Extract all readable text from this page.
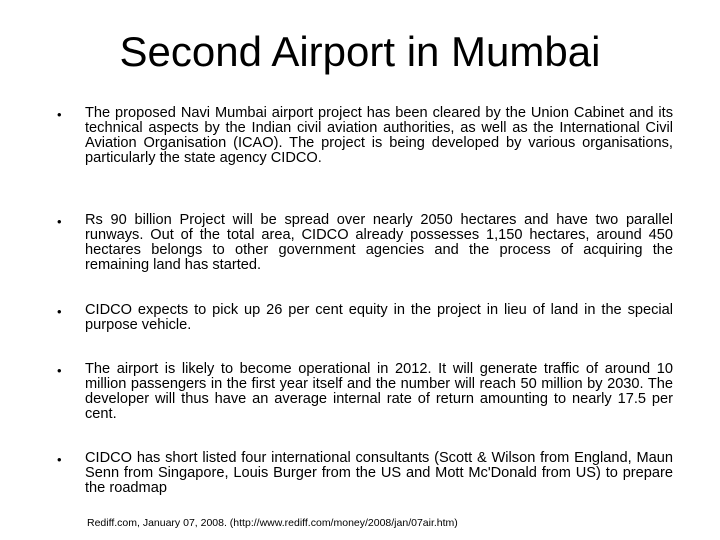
Second Airport in Mumbai
• The proposed Navi Mumbai airport project has been cleared by the Union Cabinet and its technical aspects by the Indian civil aviation authorities, as well as the International Civil Aviation Organisation (ICAO). The project is being developed by various organisations, particularly the state agency CIDCO.

• Rs 90 billion Project will be spread over nearly 2050 hectares and have two parallel runways. Out of the total area, CIDCO already possesses 1,150 hectares, around 450 hectares belongs to other government agencies and the process of acquiring the remaining land has started.

• CIDCO expects to pick up 26 per cent equity in the project in lieu of land in the special purpose vehicle.

• The airport is likely to become operational in 2012. It will generate traffic of around 10 million passengers in the first year itself and the number will reach 50 million by 2030. The developer will thus have an average internal rate of return amounting to nearly 17.5 per cent.

• CIDCO has short listed four international consultants (Scott & Wilson from England, Maun Senn from Singapore, Louis Burger from the US and Mott Mc'Donald from US) to prepare the roadmap

Rediff.com, January 07, 2008. (http://www.rediff.com/money/2008/jan/07air.htm)
